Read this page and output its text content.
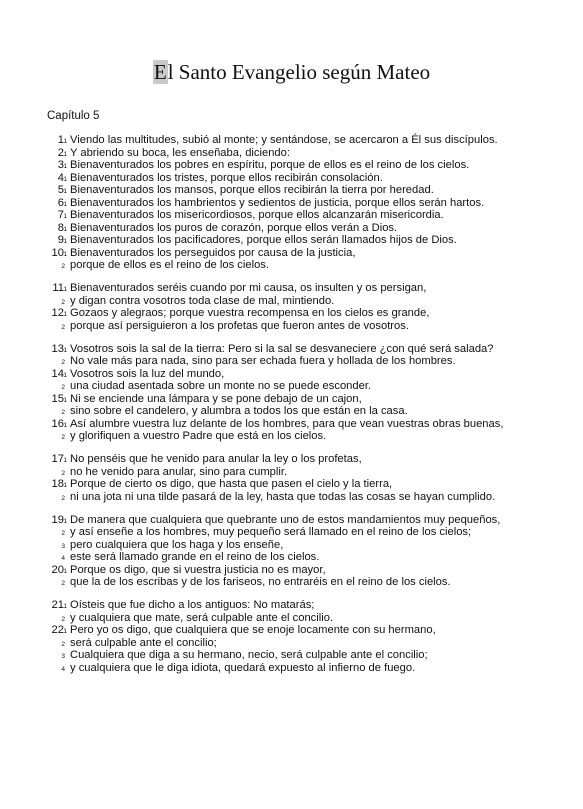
El Santo Evangelio según Mateo
Capítulo 5
1 1 Viendo las multitudes, subió al monte; y sentándose, se acercaron a Él sus discípulos.
2 1 Y abriendo su boca, les enseñaba, diciendo:
3 1 Bienaventurados los pobres en espíritu, porque de ellos es el reino de los cielos.
4 1 Bienaventurados los tristes, porque ellos recibirán consolación.
5 1 Bienaventurados los mansos, porque ellos recibirán la tierra por heredad.
6 1 Bienaventurados los hambrientos y sedientos de justicia, porque ellos serán hartos.
7 1 Bienaventurados los misericordiosos, porque ellos alcanzarán misericordia.
8 1 Bienaventurados los puros de corazón, porque ellos verán a Dios.
9 1 Bienaventurados los pacificadores, porque ellos serán llamados hijos de Dios.
10 1 Bienaventurados los perseguidos por causa de la justicia,
2 porque de ellos es el reino de los cielos.
11 1 Bienaventurados seréis cuando por mi causa, os insulten y os persigan,
2 y digan contra vosotros toda clase de mal, mintiendo.
12 1 Gozaos y alegraos; porque vuestra recompensa en los cielos es grande,
2 porque así persiguieron a los profetas que fueron antes de vosotros.
13 1 Vosotros sois la sal de la tierra: Pero si la sal se desvaneciere ¿con qué será salada?
2 No vale más para nada, sino para ser echada fuera y hollada de los hombres.
14 1 Vosotros sois la luz del mundo,
2 una ciudad asentada sobre un monte no se puede esconder.
15 1 Ni se enciende una lámpara y se pone debajo de un cajon,
2 sino sobre el candelero, y alumbra a todos los que están en la casa.
16 1 Así alumbre vuestra luz delante de los hombres, para que vean vuestras obras buenas,
2 y glorifiquen a vuestro Padre que está en los cielos.
17 1 No penséis que he venido para anular la ley o los profetas,
2 no he venido para anular, sino para cumplir.
18 1 Porque de cierto os digo, que hasta que pasen el cielo y la tierra,
2 ni una jota ni una tilde pasará de la ley, hasta que todas las cosas se hayan cumplido.
19 1 De manera que cualquiera que quebrante uno de estos mandamientos muy pequeños,
2 y así enseñe a los hombres, muy pequeño será llamado en el reino de los cielos;
3 pero cualquiera que los haga y los enseñe,
4 este será llamado grande en el reino de los cielos.
20 1 Porque os digo, que si vuestra justicia no es mayor,
2 que la de los escribas y de los fariseos, no entraréis en el reino de los cielos.
21 1 Oísteis que fue dicho a los antiguos: No matarás;
2 y cualquiera que mate, será culpable ante el concilio.
22 1 Pero yo os digo, que cualquiera que se enoje locamente con su hermano,
2 será culpable ante el concilio;
3 Cualquiera que diga a su hermano, necio, será culpable ante el concilio;
4 y cualquiera que le diga idiota, quedará expuesto al infierno de fuego.
